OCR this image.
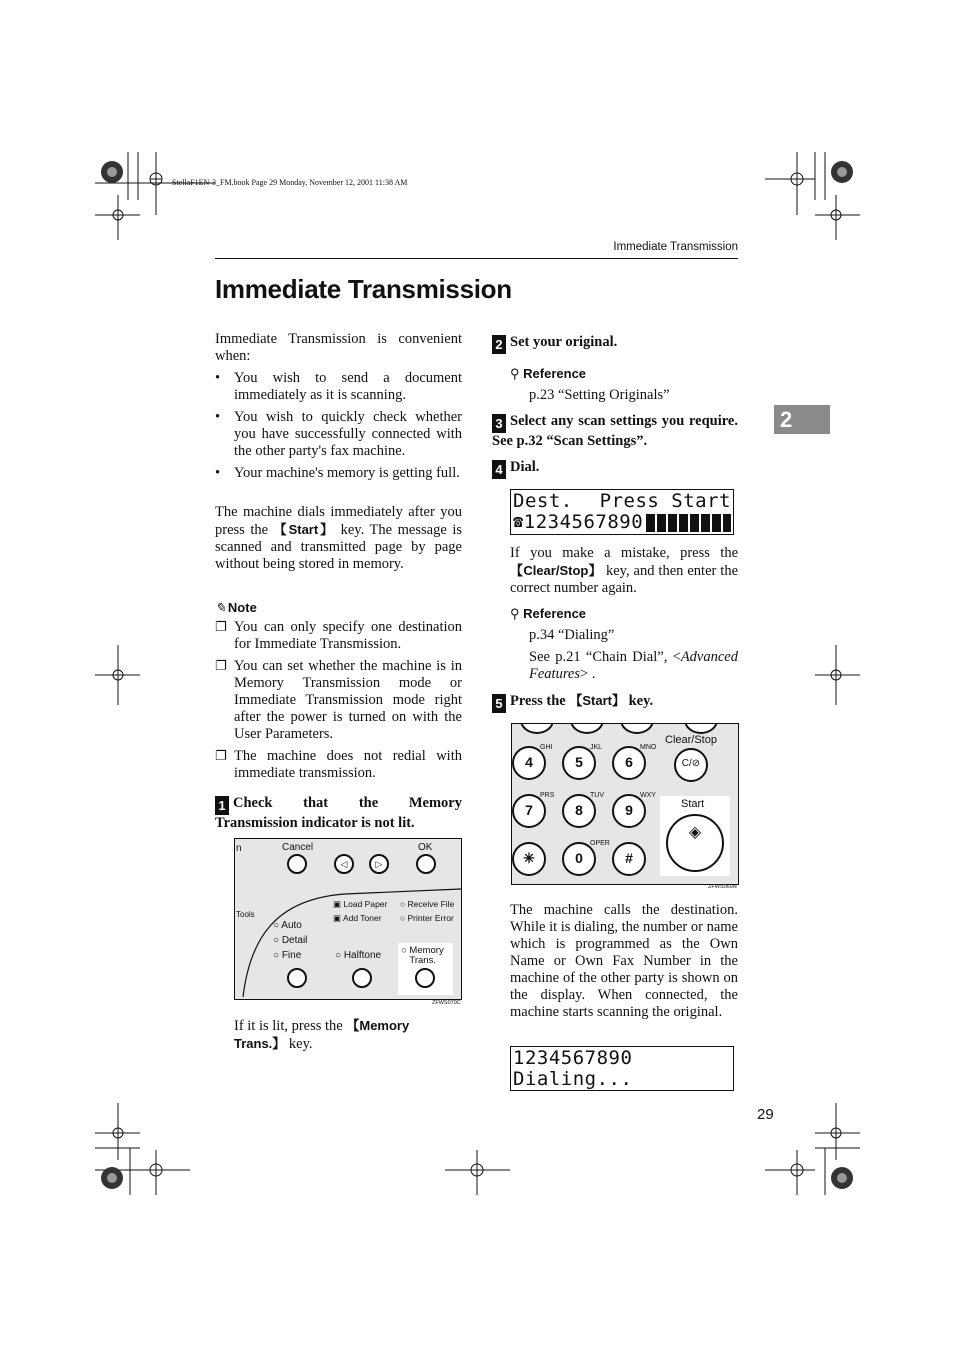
StellaF1EN-3_FM.book Page 29 Monday, November 12, 2001 11:38 AM
Immediate Transmission
2
Immediate Transmission
Immediate Transmission is convenient when:
• You wish to send a document immediately as it is scanning.
• You wish to quickly check whether you have successfully connected with the other party's fax machine.
• Your machine's memory is getting full.
The machine dials immediately after you press the 【Start】 key. The message is scanned and transmitted page by page without being stored in memory.
✎ Note
❐ You can only specify one destination for Immediate Transmission.
❐ You can set whether the machine is in Memory Transmission mode or Immediate Transmission mode right after the power is turned on with the User Parameters.
❐ The machine does not redial with immediate transmission.
1 Check that the Memory Transmission indicator is not lit.
n	Cancel	OK
◁	▷
Tools
▣ Load Paper
▣ Add Toner
○ Receive File
○ Printer Error
○ Auto
○ Detail
○ Fine	○ Halftone ○ Memory
Trans.
ZFWS070C
If it is lit, press the 【Memory Trans.】 key.
2 Set your original.
⚲ Reference
p.23 “Setting Originals”
3 Select any scan settings you require. See p.32 “Scan Settings”.
4 Dial.
Dest. Press Start
☎ 1234567890
If you make a mistake, press the 【Clear/Stop】 key, and then enter the correct number again.
⚲ Reference
p.34 “Dialing”
See p.21 “Chain Dial”, <Advanced Features> .
5 Press the 【Start】 key.
GHI
4
JKL
5
MNO
6
PRS
7
TUV
8
WXY
9
✳
OPER
0	#
Clear/Stop
C/⊘
Start
◈
ZFWS060N
The machine calls the destination. While it is dialing, the number or name which is programmed as the Own Name or Own Fax Number in the machine of the other party is shown on the display. When connected, the machine starts scanning the original.
1234567890
Dialing...
29
